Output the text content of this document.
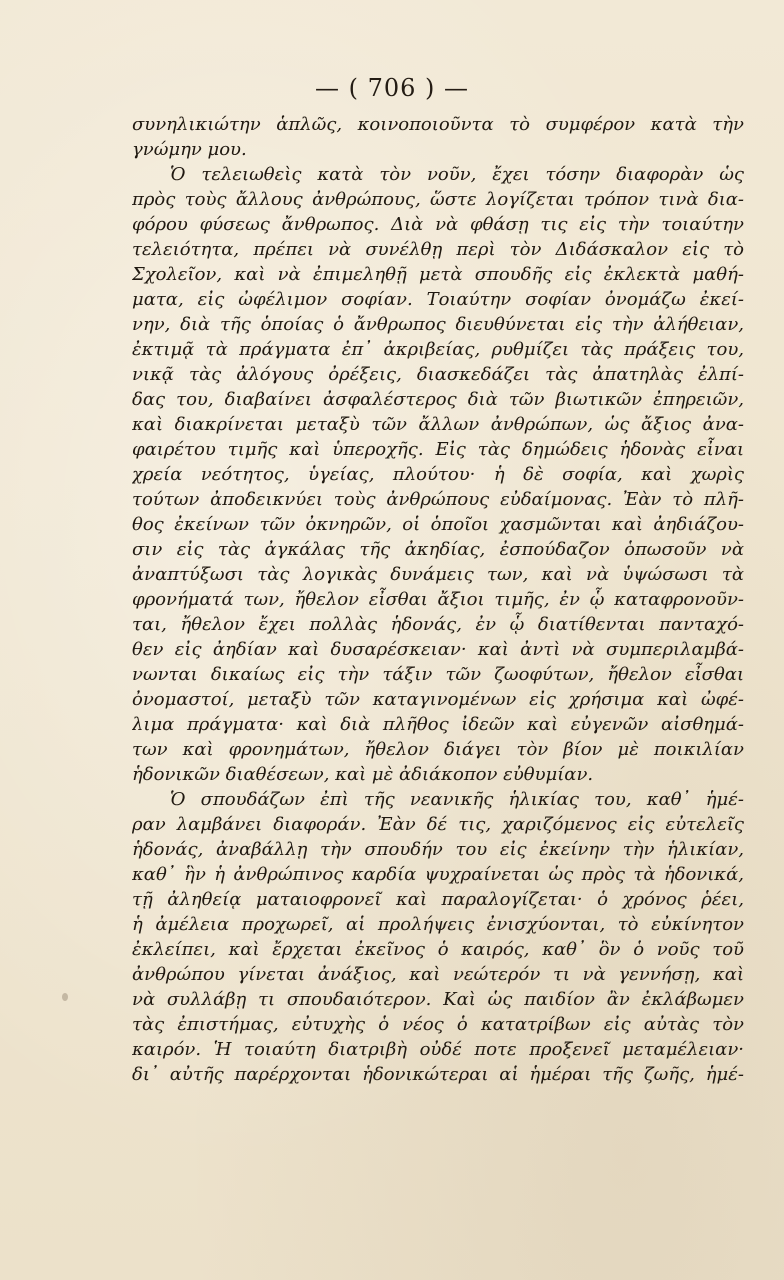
— ( 706 ) —
συνηλικιώτην ἁπλῶς, κοινοποιοῦντα τὸ συμφέρον κατὰ τὴν
γνώμην μου.
Ὁ τελειωθεὶς κατὰ τὸν νοῦν, ἔχει τόσην διαφορὰν ὡς
πρὸς τοὺς ἄλλους ἀνθρώπους, ὥστε λογίζεται τρόπον τινὰ δια-
φόρου φύσεως ἄνθρωπος. Διὰ νὰ φθάσῃ τις εἰς τὴν τοιαύτην
τελειότητα, πρέπει νὰ συνέλθῃ περὶ τὸν Διδάσκαλον εἰς τὸ
Σχολεῖον, καὶ νὰ ἐπιμεληθῇ μετὰ σπουδῆς εἰς ἐκλεκτὰ μαθή-
ματα, εἰς ὠφέλιμον σοφίαν. Τοιαύτην σοφίαν ὀνομάζω ἐκεί-
νην, διὰ τῆς ὁποίας ὁ ἄνθρωπος διευθύνεται εἰς τὴν ἀλήθειαν,
ἐκτιμᾷ τὰ πράγματα ἐπ᾽ ἀκριβείας, ρυθμίζει τὰς πράξεις του,
νικᾷ τὰς ἀλόγους ὀρέξεις, διασκεδάζει τὰς ἀπατηλὰς ἐλπί-
δας του, διαβαίνει ἀσφαλέστερος διὰ τῶν βιωτικῶν ἐπηρειῶν,
καὶ διακρίνεται μεταξὺ τῶν ἄλλων ἀνθρώπων, ὡς ἄξιος ἀνα-
φαιρέτου τιμῆς καὶ ὑπεροχῆς. Εἰς τὰς δημώδεις ἡδονὰς εἶναι
χρεία νεότητος, ὑγείας, πλούτου· ἡ δὲ σοφία, καὶ χωρὶς
τούτων ἀποδεικνύει τοὺς ἀνθρώπους εὐδαίμονας. Ἐὰν τὸ πλῆ-
θος ἐκείνων τῶν ὀκνηρῶν, οἱ ὁποῖοι χασμῶνται καὶ ἀηδιάζου-
σιν εἰς τὰς ἀγκάλας τῆς ἀκηδίας, ἐσπούδαζον ὁπωσοῦν νὰ
ἀναπτύξωσι τὰς λογικὰς δυνάμεις των, καὶ νὰ ὑψώσωσι τὰ
φρονήματά των, ἤθελον εἶσθαι ἄξιοι τιμῆς, ἐν ᾧ καταφρονοῦν-
ται, ἤθελον ἔχει πολλὰς ἡδονάς, ἐν ᾧ διατίθενται πανταχό-
θεν εἰς ἀηδίαν καὶ δυσαρέσκειαν· καὶ ἀντὶ νὰ συμπεριλαμβά-
νωνται δικαίως εἰς τὴν τάξιν τῶν ζωοφύτων, ἤθελον εἶσθαι
ὀνομαστοί, μεταξὺ τῶν καταγινομένων εἰς χρήσιμα καὶ ὠφέ-
λιμα πράγματα· καὶ διὰ πλῆθος ἰδεῶν καὶ εὐγενῶν αἰσθημά-
των καὶ φρονημάτων, ἤθελον διάγει τὸν βίον μὲ ποικιλίαν
ἡδονικῶν διαθέσεων, καὶ μὲ ἀδιάκοπον εὐθυμίαν.
Ὁ σπουδάζων ἐπὶ τῆς νεανικῆς ἡλικίας του, καθ᾽ ἡμέ-
ραν λαμβάνει διαφοράν. Ἐὰν δέ τις, χαριζόμενος εἰς εὐτελεῖς
ἡδονάς, ἀναβάλλῃ τὴν σπουδήν του εἰς ἐκείνην τὴν ἡλικίαν,
καθ᾽ ἣν ἡ ἀνθρώπινος καρδία ψυχραίνεται ὡς πρὸς τὰ ἡδονικά,
τῇ ἀληθείᾳ ματαιοφρονεῖ καὶ παραλογίζεται· ὁ χρόνος ῥέει,
ἡ ἀμέλεια προχωρεῖ, αἱ προλήψεις ἐνισχύονται, τὸ εὐκίνητον
ἐκλείπει, καὶ ἔρχεται ἐκεῖνος ὁ καιρός, καθ᾽ ὃν ὁ νοῦς τοῦ
ἀνθρώπου γίνεται ἀνάξιος, καὶ νεώτερόν τι νὰ γεννήσῃ, καὶ
νὰ συλλάβῃ τι σπουδαιότερον. Καὶ ὡς παιδίον ἂν ἐκλάβωμεν
τὰς ἐπιστήμας, εὐτυχὴς ὁ νέος ὁ κατατρίβων εἰς αὐτὰς τὸν
καιρόν. Ἡ τοιαύτη διατριβὴ οὐδέ ποτε προξενεῖ μεταμέλειαν·
δι᾽ αὐτῆς παρέρχονται ἡδονικώτεραι αἱ ἡμέραι τῆς ζωῆς, ἡμέ-
